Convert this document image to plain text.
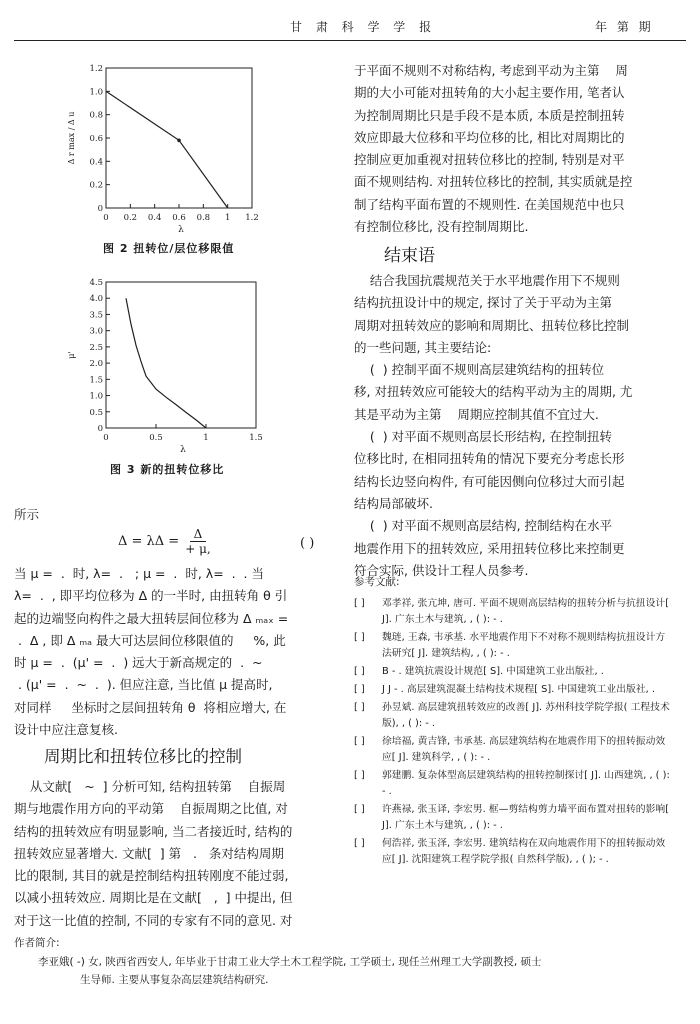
甘 肃 科 学 学 报	年 第 期
0 0.2 0.4 0.6 0.8 1 1.2
1.2
1.0
0.8
0.6
0.4
0.2
0
λ
Δ r max / Δ u
图 2 扭转位/层位移限值
0	0.5	1	1.5
4.5
4.0
3.5
3.0
2.5
2.0
1.5
1.0
0.5
0
λ
μ'
图 3 新的扭转位移比
所示
$\Delta = \lambda\Delta = \frac{\Delta}{+ \mu,}$	( )
当 μ =  .  时, λ=  .   ; μ =  .  时, λ=  .  . 当
λ=  .  , 即平均位移为 Δ 的一半时, 由扭转角 θ 引
起的边端竖向构件之最大扭转层间位移为 Δ ₘₐₓ =
.  Δ , 即 Δ ₘₐ 最大可达层间位移限值的     %, 此
时 μ =  .  (μ' =  .  ) 远大于新高规定的  .  ~
. (μ' =  .  ~  .  ). 但应注意, 当比值 μ 提高时,
对同样     坐标时之层间扭转角 θ  将相应增大, 在
设计中应注意复核.
周期比和扭转位移比的控制
从文献[   ~  ] 分析可知, 结构扭转第    自振周
期与地震作用方向的平动第    自振周期之比值, 对
结构的扭转效应有明显影响, 当二者接近时, 结构的
扭转效应显著增大. 文献[  ] 第   .   条对结构周期
比的限制, 其目的就是控制结构扭转刚度不能过弱,
以减小扭转效应. 周期比是在文献[   ,  ] 中提出, 但
对于这一比值的控制, 不同的专家有不同的意见. 对
于平面不规则不对称结构, 考虑到平动为主第    周
期的大小可能对扭转角的大小起主要作用, 笔者认
为控制周期比只是手段不是本质, 本质是控制扭转
效应即最大位移和平均位移的比, 相比对周期比的
控制应更加重视对扭转位移比的控制, 特别是对平
面不规则结构. 对扭转位移比的控制, 其实质就是控
制了结构平面布置的不规则性. 在美国规范中也只
有控制位移比, 没有控制周期比.
结束语
结合我国抗震规范关于水平地震作用下不规则
结构抗扭设计中的规定, 探讨了关于平动为主第
周期对扭转效应的影响和周期比、扭转位移比控制
的一些问题, 其主要结论:
(  ) 控制平面不规则高层建筑结构的扭转位
移, 对扭转效应可能较大的结构平动为主的周期, 尤
其是平动为主第    周期应控制其值不宜过大.
(  ) 对平面不规则高层长形结构, 在控制扭转
位移比时, 在相同扭转角的情况下要充分考虑长形
结构长边竖向构件, 有可能因侧向位移过大而引起
结构局部破坏.
(  ) 对平面不规则高层结构, 控制结构在水平
地震作用下的扭转效应, 采用扭转位移比来控制更
符合实际, 供设计工程人员参考.
参考文献:
[ ]	邓孝祥, 张亢坤, 唐可. 平面不规则高层结构的扭转分析与抗扭设计[ J]. 广东土木与建筑, , ( ): - .
[ ]	魏琏, 王森, 韦承基. 水平地震作用下不对称不规则结构抗扭设计方法研究[ J]. 建筑结构, , ( ): - .
[ ]	B - . 建筑抗震设计规范[ S]. 中国建筑工业出版社, .
[ ]	J J - . 高层建筑混凝土结构技术规程[ S]. 中国建筑工业出版社, .
[ ]	孙昱斌. 高层建筑扭转效应的改善[ J]. 苏州科技学院学报( 工程技术版), , ( ): - .
[ ]	徐培福, 黄吉锋, 韦承基. 高层建筑结构在地震作用下的扭转振动效应[ J]. 建筑科学, , ( ): - .
[ ]	郭建鹏. 复杂体型高层建筑结构的扭转控制探讨[ J]. 山西建筑, , ( ): - .
[ ]	许燕禄, 张玉译, 李宏男. 框—剪结构剪力墙平面布置对扭转的影响[ J]. 广东土木与建筑, , ( ): - .
[ ]	何浩祥, 张玉泽, 李宏男. 建筑结构在双向地震作用下的扭转振动效应[ J]. 沈阳建筑工程学院学报( 自然科学版), , ( ); - .
作者简介:
李亚娥( -) 女, 陕西省西安人, 年毕业于甘肃工业大学土木工程学院, 工学硕士, 现任兰州理工大学副教授, 硕士
生导师. 主要从事复杂高层建筑结构研究.
